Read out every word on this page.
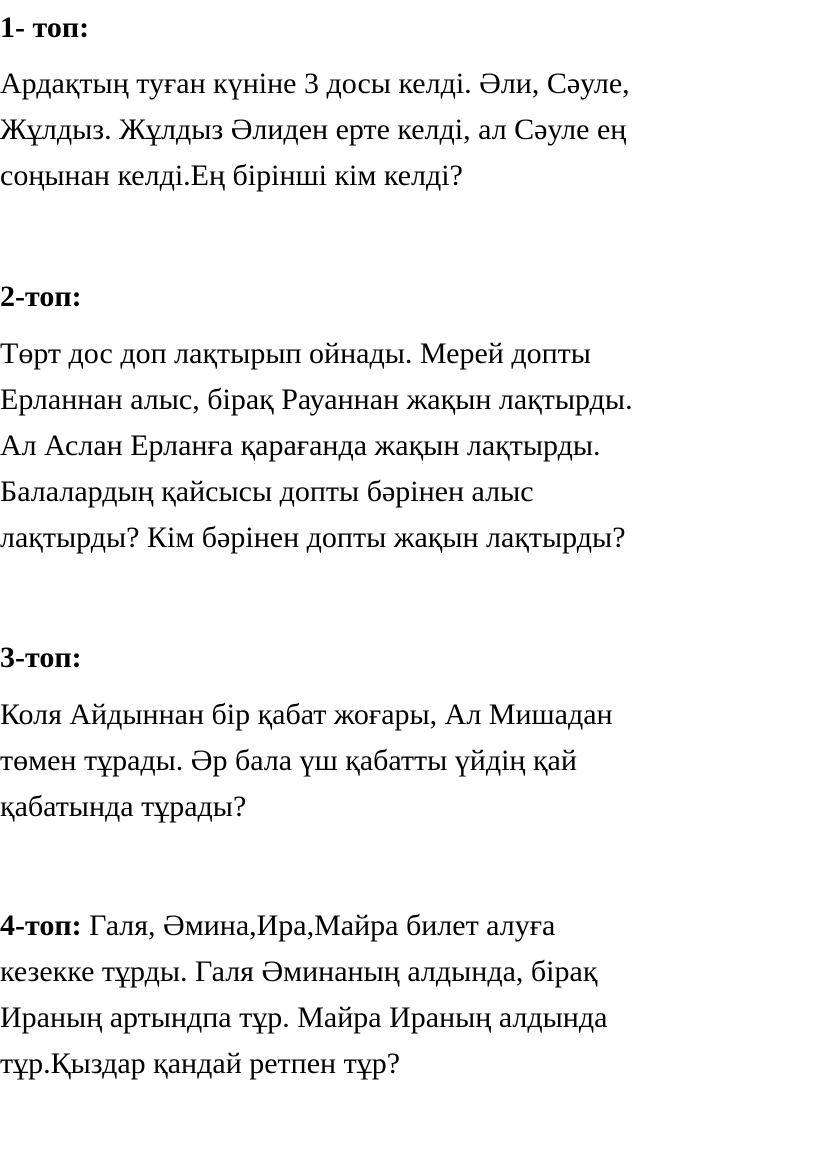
1- топ:

Ардақтың туған күніне 3 досы келді. Әли, Сәуле,
Жұлдыз. Жұлдыз Әлиден ерте келді, ал Сәуле ең
соңынан келді.Ең бірінші кім келді?

2-топ:

Төрт дос доп лақтырып ойнады. Мерей допты
Ерланнан алыс, бірақ Рауаннан жақын лақтырды.
Ал Аслан Ерланға қарағанда жақын лақтырды.
Балалардың қайсысы допты бәрінен алыс
лақтырды? Кім бәрінен допты жақын лақтырды?

3-топ:

Коля Айдыннан бір қабат жоғары, Ал Мишадан
төмен тұрады. Әр бала үш қабатты үйдің қай
қабатында тұрады?

4-топ: Галя, Әмина,Ира,Майра билет алуға
кезекке тұрды. Галя Әминаның алдында, бірақ
Ираның артындпа тұр. Майра Ираның алдында
тұр.Қыздар қандай ретпен тұр?
